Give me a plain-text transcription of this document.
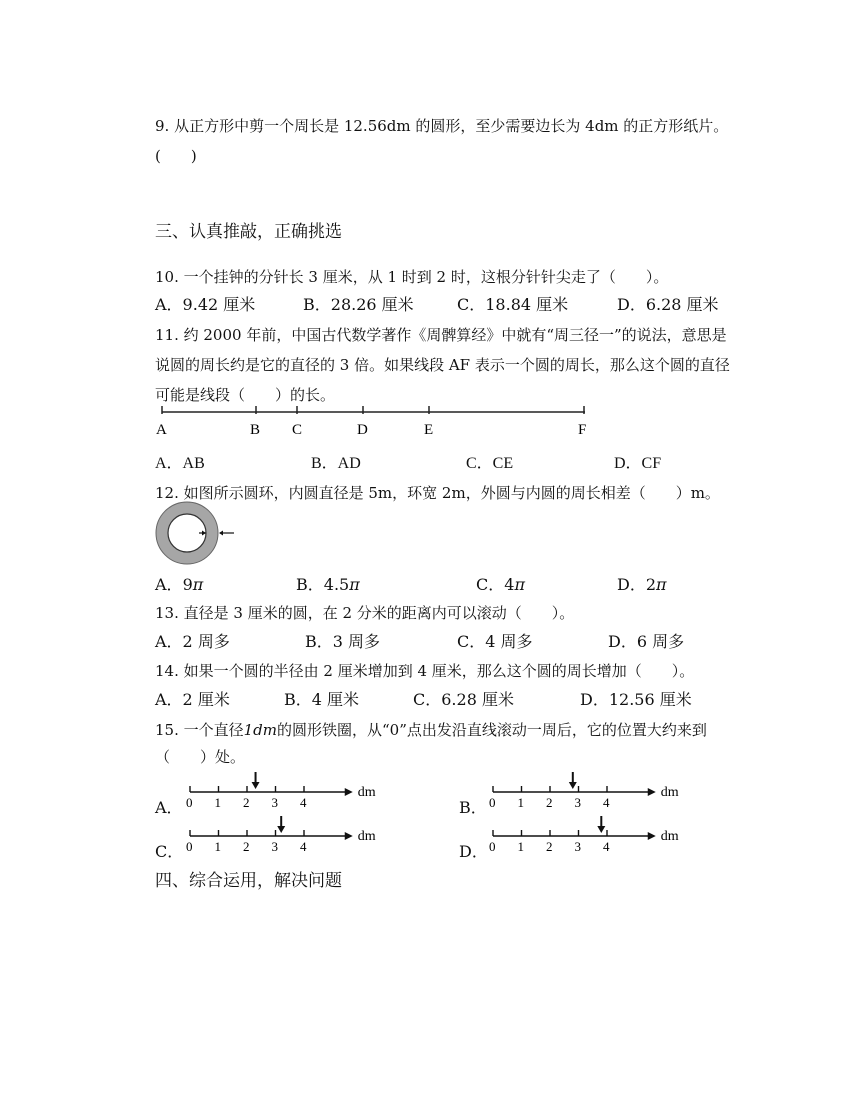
9. 从正方形中剪一个周长是 12.56dm 的圆形，至少需要边长为 4dm 的正方形纸片。
(　　)
三、认真推敲，正确挑选
10. 一个挂钟的分针长 3 厘米，从 1 时到 2 时，这根分针针尖走了（　　）。
A．9.42 厘米	B．28.26 厘米	C．18.84 厘米	D．6.28 厘米
11. 约 2000 年前，中国古代数学著作《周髀算经》中就有“周三径一”的说法，意思是
说圆的周长约是它的直径的 3 倍。如果线段 AF 表示一个圆的周长，那么这个圆的直径
可能是线段（　　）的长。
A	B C	D	E	F
A．AB	B．AD	C．CE	D．CF
12. 如图所示圆环，内圆直径是 5m，环宽 2m，外圆与内圆的周长相差（　　）m。
A．9π	B．4.5π	C．4π	D．2π
13. 直径是 3 厘米的圆，在 2 分米的距离内可以滚动（　　）。
A．2 周多	B．3 周多	C．4 周多	D．6 周多
14. 如果一个圆的半径由 2 厘米增加到 4 厘米，那么这个圆的周长增加（　　）。
A．2 厘米	B．4 厘米	C．6.28 厘米	D．12.56 厘米
15. 一个直径1dm的圆形铁圈，从“0”点出发沿直线滚动一周后，它的位置大约来到
（　　）处。
A．	B．
C．	D．
0 1 2 3 4
dm
0 1 2 3 4
dm
0 1 2 3 4
dm
0 1 2 3 4
dm
四、综合运用，解决问题
